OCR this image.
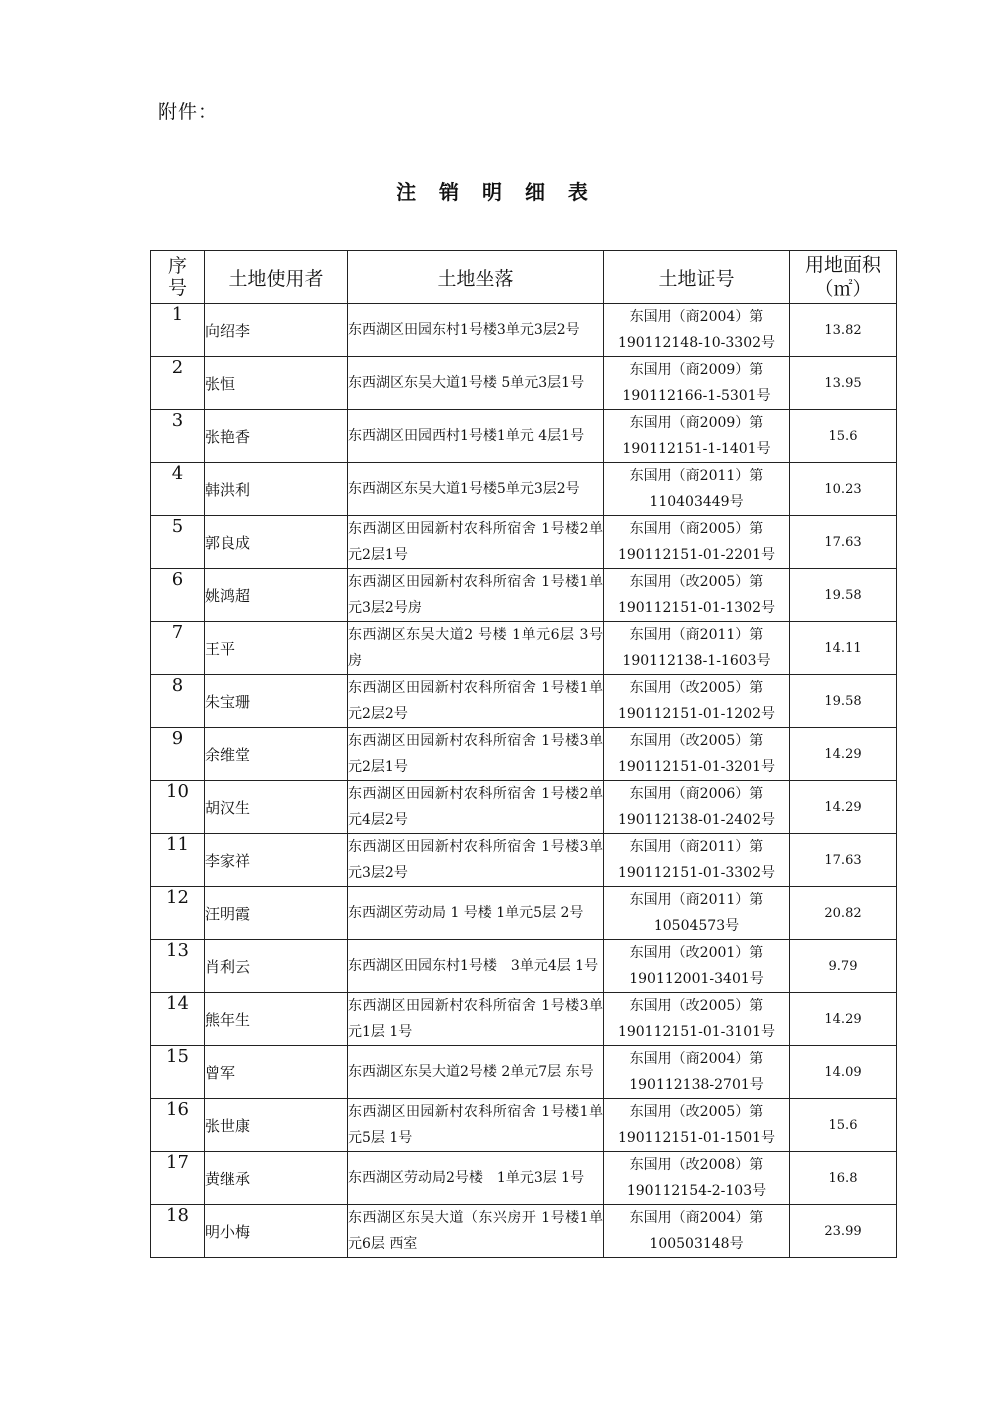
附件：
注 销 明 细 表
序号	土地使用者	土地坐落	土地证号	用地面积
（㎡）

1	向绍李	东西湖区田园东村1号楼3单元3层2号	东国用（商2004）第
190112148-10-3302号	13.82
2	张恒	东西湖区东吴大道1号楼 5单元3层1号	东国用（商2009）第
190112166-1-5301号	13.95
3	张艳香	东西湖区田园西村1号楼1单元 4层1号	东国用（商2009）第
190112151-1-1401号	15.6
4	韩洪利	东西湖区东吴大道1号楼5单元3层2号	东国用（商2011）第
110403449号	10.23
5	郭良成	东西湖区田园新村农科所宿舍 1号楼2单元2层1号	东国用（商2005）第
190112151-01-2201号	17.63
6	姚鸿超	东西湖区田园新村农科所宿舍 1号楼1单元3层2号房	东国用（改2005）第
190112151-01-1302号	19.58
7	王平	东西湖区东吴大道2 号楼 1单元6层 3号房	东国用（商2011）第
190112138-1-1603号	14.11
8	朱宝珊	东西湖区田园新村农科所宿舍 1号楼1单元2层2号	东国用（改2005）第
190112151-01-1202号	19.58
9	余维堂	东西湖区田园新村农科所宿舍 1号楼3单元2层1号	东国用（改2005）第
190112151-01-3201号	14.29
10	胡汉生	东西湖区田园新村农科所宿舍 1号楼2单元4层2号	东国用（商2006）第
190112138-01-2402号	14.29
11	李家祥	东西湖区田园新村农科所宿舍 1号楼3单元3层2号	东国用（商2011）第
190112151-01-3302号	17.63
12	汪明霞	东西湖区劳动局 1 号楼 1单元5层 2号	东国用（商2011）第
10504573号	20.82
13	肖利云	东西湖区田园东村1号楼　3单元4层 1号	东国用（改2001）第
190112001-3401号	9.79
14	熊年生	东西湖区田园新村农科所宿舍 1号楼3单元1层 1号	东国用（改2005）第
190112151-01-3101号	14.29
15	曾军	东西湖区东吴大道2号楼 2单元7层 东号	东国用（商2004）第
190112138-2701号	14.09
16	张世康	东西湖区田园新村农科所宿舍 1号楼1单元5层 1号	东国用（改2005）第
190112151-01-1501号	15.6
17	黄继承	东西湖区劳动局2号楼　1单元3层 1号	东国用（改2008）第
190112154-2-103号	16.8
18	明小梅	东西湖区东吴大道（东兴房开 1号楼1单元6层 西室	东国用（商2004）第
100503148号	23.99
